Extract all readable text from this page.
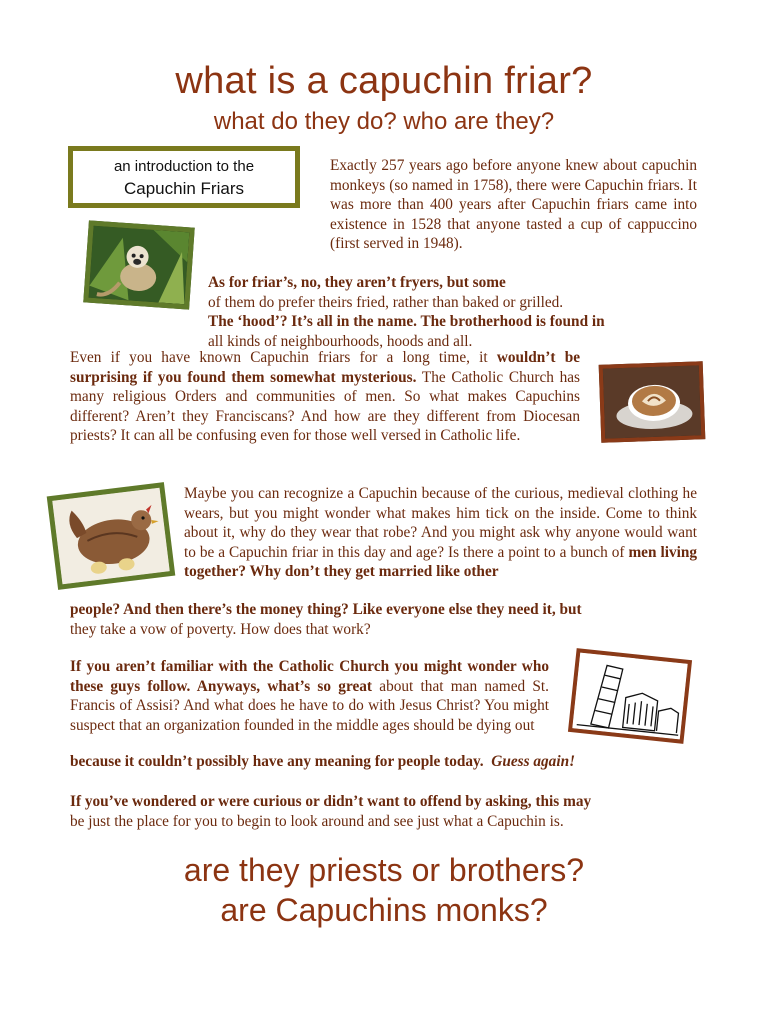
what is a capuchin friar?
what do they do? who are they?
an introduction to the
Capuchin Friars

Exactly 257 years ago before anyone knew about capuchin monkeys (so named in 1758), there were Capuchin friars. It was more than 400 years after Capuchin friars came into existence in 1528 that anyone tasted a cup of cappuccino (first served in 1948).

As for friar’s, no, they aren’t fryers, but some
of them do prefer theirs fried, rather than baked or grilled.
The ‘hood’? It’s all in the name. The brotherhood is found in
all kinds of neighbourhoods, hoods and all.

Even if you have known Capuchin friars for a long time, it wouldn’t be surprising if you found them somewhat mysterious. The Catholic Church has many religious Orders and communities of men. So what makes Capuchins different? Aren’t they Franciscans? And how are they different from Diocesan priests? It can all be confusing even for those well versed in Catholic life.

Maybe you can recognize a Capuchin because of the curious, medieval clothing he wears, but you might wonder what makes him tick on the inside. Come to think about it, why do they wear that robe? And you might ask why anyone would want to be a Capuchin friar in this day and age? Is there a point to a bunch of men living together? Why don’t they get married like other

people? And then there’s the money thing? Like everyone else they need it, but
they take a vow of poverty. How does that work?

If you aren’t familiar with the Catholic Church you might wonder who these guys follow. Anyways, what’s so great about that man named St. Francis of Assisi? And what does he have to do with Jesus Christ? You might suspect that an organization founded in the middle ages should be dying out

because it couldn’t possibly have any meaning for people today. Guess again!

If you’ve wondered or were curious or didn’t want to offend by asking, this may
be just the place for you to begin to look around and see just what a Capuchin is.

are they priests or brothers?
are Capuchins monks?
